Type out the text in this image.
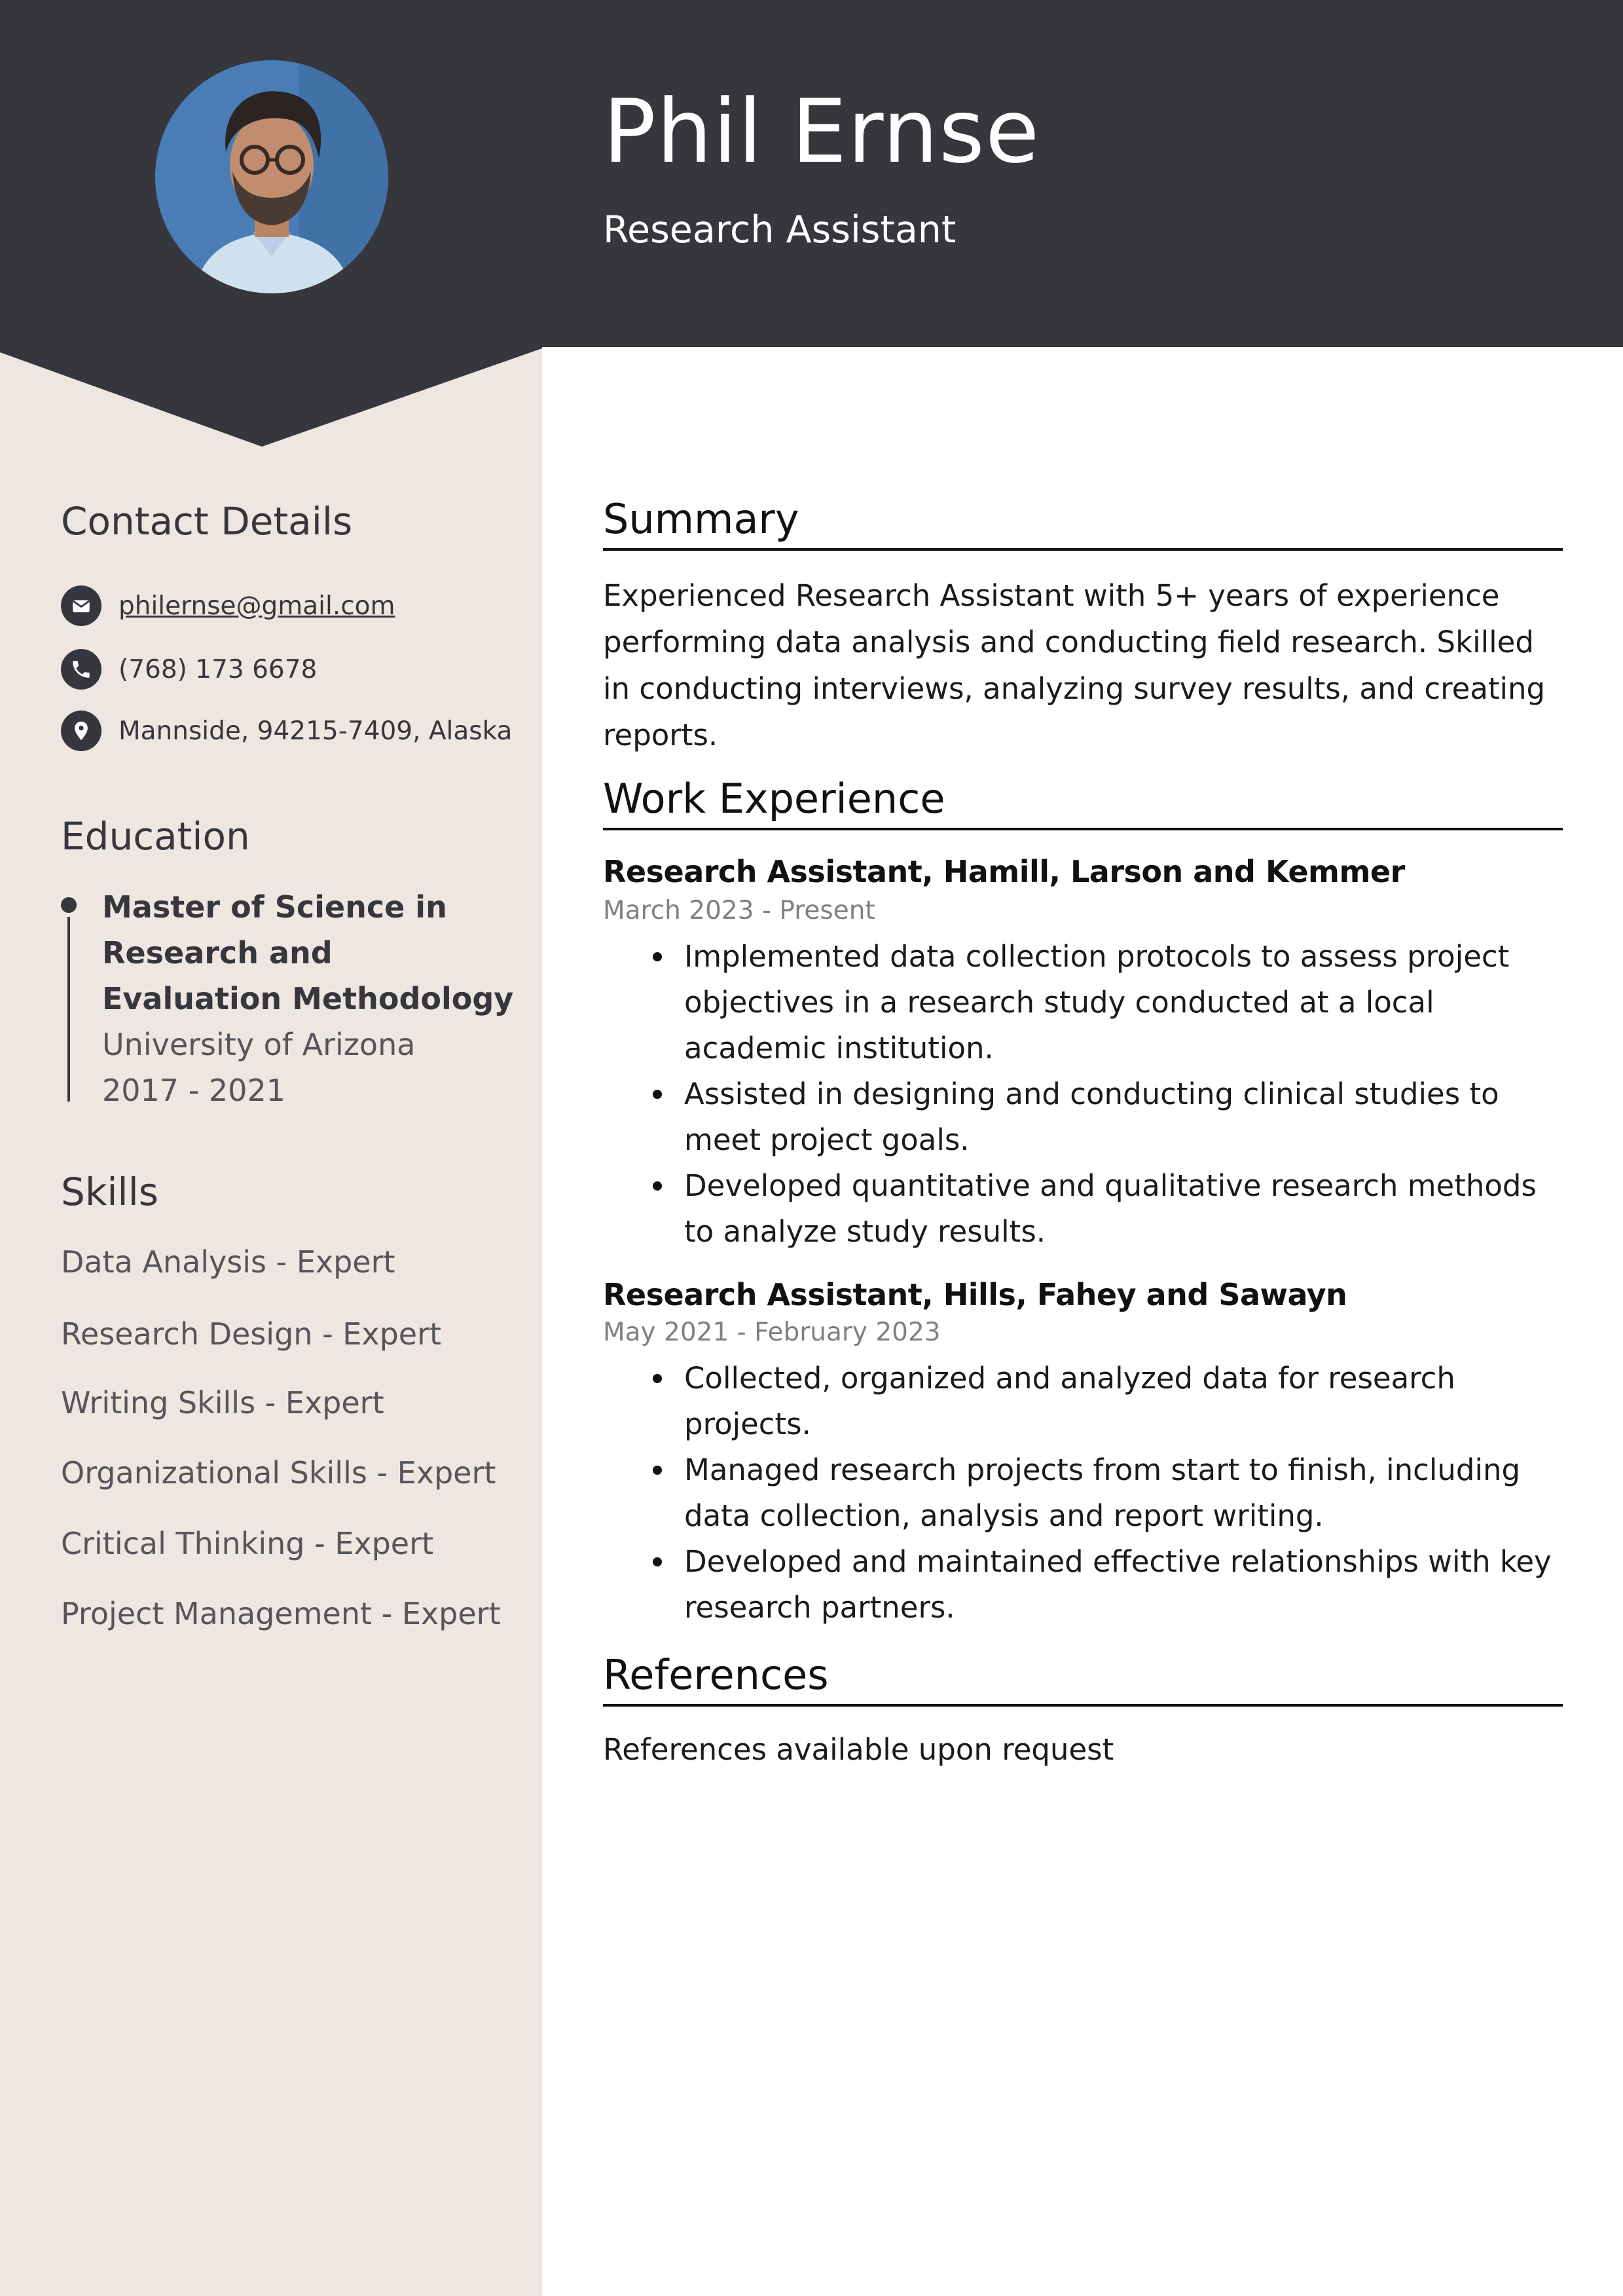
Phil Ernse
Research Assistant
Contact Details
philernse@gmail.com
(768) 173 6678
Mannside, 94215-7409, Alaska
Education
Master of Science in Research and Evaluation Methodology
University of Arizona
2017 - 2021
Skills
Data Analysis - Expert
Research Design - Expert
Writing Skills - Expert
Organizational Skills - Expert
Critical Thinking - Expert
Project Management - Expert
Summary
Experienced Research Assistant with 5+ years of experience performing data analysis and conducting field research. Skilled in conducting interviews, analyzing survey results, and creating reports.
Work Experience
Research Assistant, Hamill, Larson and Kemmer
March 2023 - Present
Implemented data collection protocols to assess project objectives in a research study conducted at a local academic institution.
Assisted in designing and conducting clinical studies to meet project goals.
Developed quantitative and qualitative research methods to analyze study results.
Research Assistant, Hills, Fahey and Sawayn
May 2021 - February 2023
Collected, organized and analyzed data for research projects.
Managed research projects from start to finish, including data collection, analysis and report writing.
Developed and maintained effective relationships with key research partners.
References
References available upon request
